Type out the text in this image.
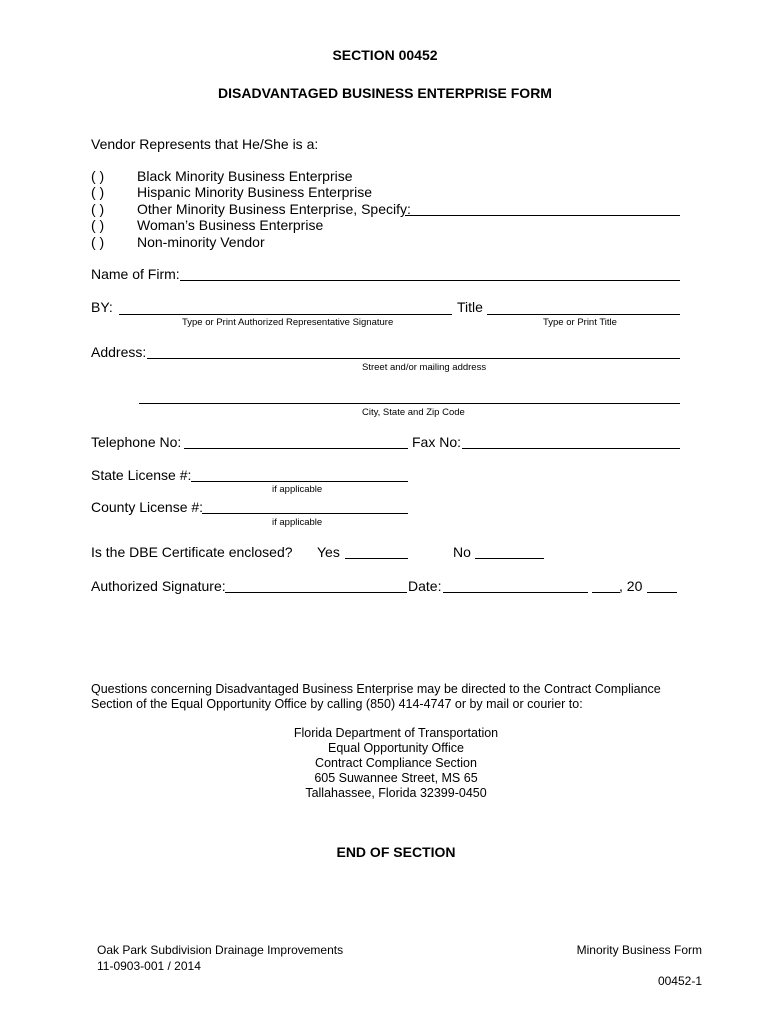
SECTION 00452
DISADVANTAGED BUSINESS ENTERPRISE FORM
Vendor Represents that He/She is a:
( ) Black Minority Business Enterprise
( ) Hispanic Minority Business Enterprise
( ) Other Minority Business Enterprise, Specify:
( ) Woman’s Business Enterprise
( ) Non-minority Vendor
Name of Firm:
BY:	Title
Type or Print Authorized Representative Signature	Type or Print Title
Address:
Street and/or mailing address
City, State and Zip Code
Telephone No:	Fax No:
State License #:
if applicable
County License #:
if applicable
Is the DBE Certificate enclosed? Yes	No
Authorized Signature:	Date:	, 20
Questions concerning Disadvantaged Business Enterprise may be directed to the Contract Compliance
Section of the Equal Opportunity Office by calling (850) 414-4747 or by mail or courier to:
Florida Department of Transportation
Equal Opportunity Office
Contract Compliance Section
605 Suwannee Street, MS 65
Tallahassee, Florida 32399-0450
END OF SECTION
Oak Park Subdivision Drainage Improvements
11-0903-001 / 2014
Minority Business Form
00452-1
